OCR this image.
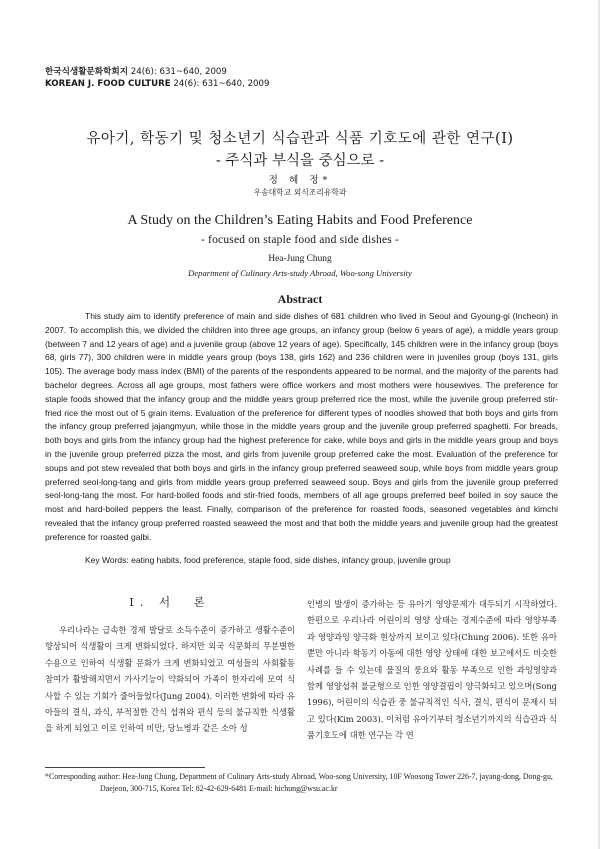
한국식생활문화학회지 24(6): 631~640, 2009
KOREAN J. FOOD CULTURE 24(6): 631~640, 2009
유아기, 학동기 및 청소년기 식습관과 식품 기호도에 관한 연구(I)
- 주식과 부식을 중심으로 -
정 혜 정*
우송대학교 외식조리유학과
A Study on the Children’s Eating Habits and Food Preference
- focused on staple food and side dishes -
Hea-Jung Chung
Department of Culinary Arts-study Abroad, Woo-song University
Abstract

This study aim to identify preference of main and side dishes of 681 children who lived in Seoul and Gyoung-gi (Incheon) in 2007. To accomplish this, we divided the children into three age groups, an infancy group (below 6 years of age), a middle years group (between 7 and 12 years of age) and a juvenile group (above 12 years of age). Specifically, 145 children were in the infancy group (boys 68, girls 77), 300 children were in middle years group (boys 138, girls 162) and 236 children were in juveniles group (boys 131, girls 105). The average body mass index (BMI) of the parents of the respondents appeared to be normal, and the majority of the parents had bachelor degrees. Across all age groups, most fathers were office workers and most mothers were housewives. The preference for staple foods showed that the infancy group and the middle years group preferred rice the most, while the juvenile group preferred stir-fried rice the most out of 5 grain items. Evaluation of the preference for different types of noodles showed that both boys and girls from the infancy group preferred jajangmyun, while those in the middle years group and the juvenile group preferred spaghetti. For breads, both boys and girls from the infancy group had the highest preference for cake, while boys and girls in the middle years group and boys in the juvenile group preferred pizza the most, and girls from juvenile group preferred cake the most. Evaluation of the preference for soups and pot stew revealed that both boys and girls in the infancy group preferred seaweed soup, while boys from middle years group preferred seol-long-tang and girls from middle years group preferred seaweed soup. Boys and girls from the juvenile group preferred seol-long-tang the most. For hard-boiled foods and stir-fried foods, members of all age groups preferred beef boiled in soy sauce the most and hard-boiled peppers the least. Finally, comparison of the preference for roasted foods, seasoned vegetables and kimchi revealed that the infancy group preferred roasted seaweed the most and that both the middle years and juvenile group had the greatest preference for roasted galbi.

Key Words: eating habits, food preference, staple food, side dishes, infancy group, juvenile group
I. 서　론

우리나라는 급속한 경제 발달로 소득수준이 증가하고 생활수준이 향상되어 식생활이 크게 변화되었다. 하지만 외국 식문화의 무분별한 수용으로 인하여 식생활 문화가 크게 변화되었고 여성들의 사회활동 참여가 활발해지면서 가사기능이 약화되어 가족이 한자리에 모여 식사할 수 있는 기회가 줄어들었다(Jung 2004). 이러한 변화에 따라 유아들의 결식, 과식, 부적절한 간식 섭취와 편식 등의 불규칙한 식생활을 하게 되었고 이로 인하여 비만, 당뇨병과 같은 소아 성

인병의 발생이 증가하는 등 유아기 영양문제가 대두되기 시작하였다. 한편으로 우리나라 어린이의 영양 상태는 경제수준에 따라 영양부족과 영양과잉 양극화 현상까지 보이고 있다(Chung 2006). 또한 유아뿐만 아니라 학동기 아동에 대한 영양 상태에 대한 보고에서도 비슷한 사례를 들 수 있는데 물질의 풍요와 활동 부족으로 인한 과잉영양과 함께 영양섭취 불균형으로 인한 영양결핍이 양극화되고 있으며(Song 1996), 어린이의 식습관 중 불규칙적인 식사, 결식, 편식이 문제시 되고 있다(Kim 2003). 이처럼 유아기부터 청소년기까지의 식습관과 식품기호도에 대한 연구는 각 연

*Corresponding author: Hea-Jung Chung, Department of Culinary Arts-study Abroad, Woo-song University, 10F Woosong Tower 226-7, jayang-dong, Dong-gu,
Daejeon, 300-715, Korea Tel: 82-42-629-6481 E-mail: hichung@wsu.ac.kr
